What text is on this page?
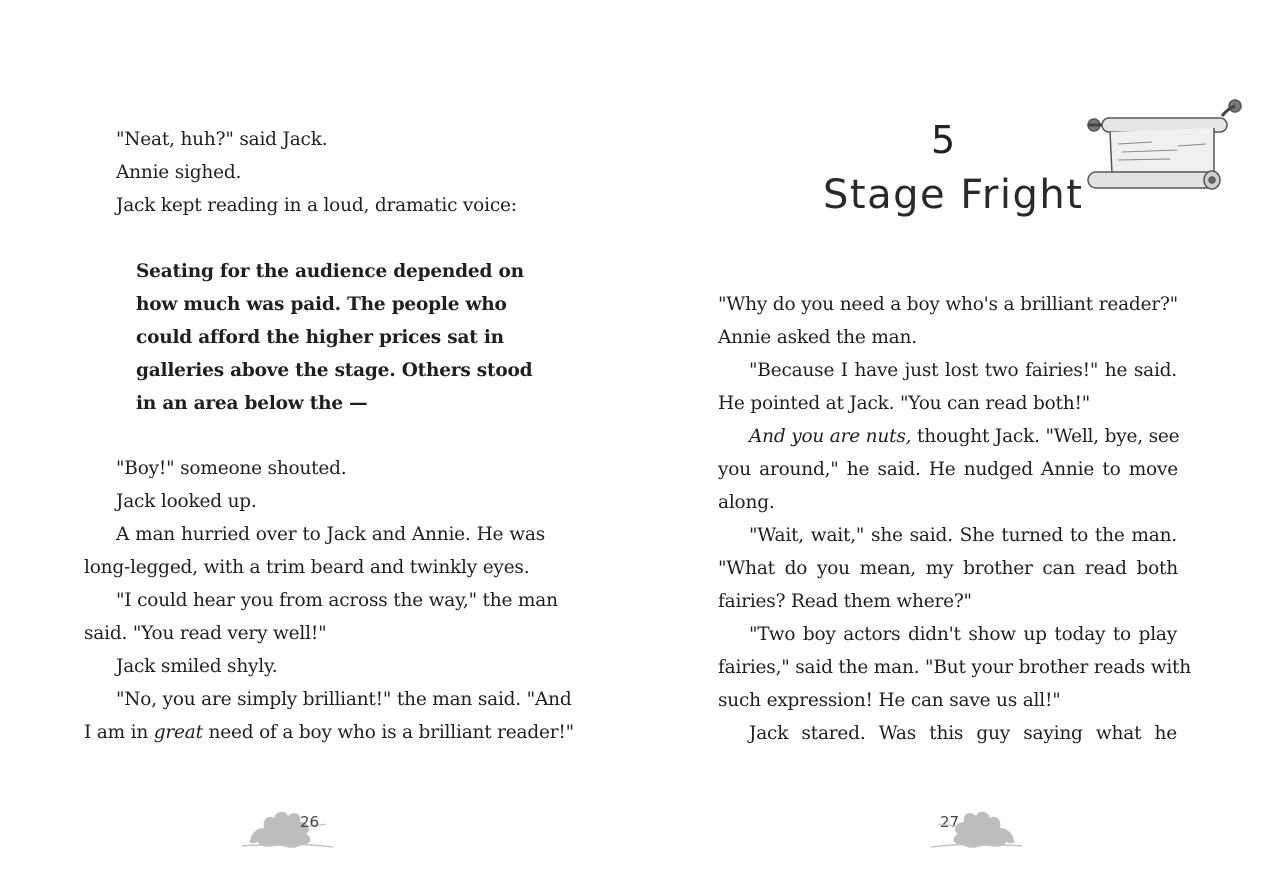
"Neat, huh?" said Jack.

Annie sighed.

Jack kept reading in a loud, dramatic voice:

Seating for the audience depended on

how much was paid. The people who

could afford the higher prices sat in

galleries above the stage. Others stood

in an area below the —

"Boy!" someone shouted.

Jack looked up.

A man hurried over to Jack and Annie. He was

long-legged, with a trim beard and twinkly eyes.

"I could hear you from across the way," the man

said. "You read very well!"

Jack smiled shyly.

"No, you are simply brilliant!" the man said. "And

I am in great need of a boy who is a brilliant reader!"

26
5
Stage Fright

"Why do you need a boy who's a brilliant reader?"

Annie asked the man.

"Because I have just lost two fairies!" he said.

He pointed at Jack. "You can read both!"

And you are nuts, thought Jack. "Well, bye, see

you around," he said. He nudged Annie to move

along.

"Wait, wait," she said. She turned to the man.

"What do you mean, my brother can read both

fairies? Read them where?"

"Two boy actors didn't show up today to play

fairies," said the man. "But your brother reads with

such expression! He can save us all!"

Jack stared. Was this guy saying what he

27
